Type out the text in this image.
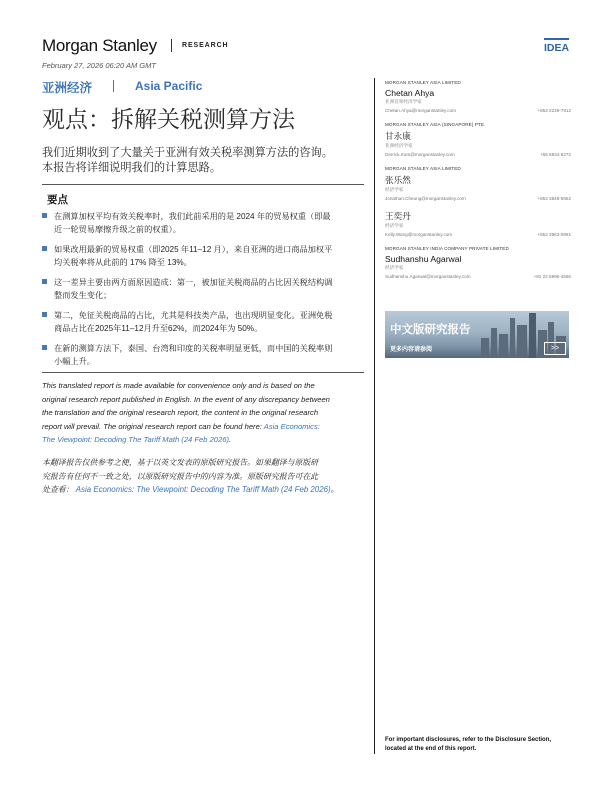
Morgan Stanley	RESEARCH	IDEA
February 27, 2026 06:20 AM GMT
亚洲经济	Asia Pacific
观点：拆解关税测算方法
我们近期收到了大量关于亚洲有效关税率测算方法的咨询。
本报告将详细说明我们的计算思路。
要点
在测算加权平均有效关税率时，我们此前采用的是 2024 年的贸易权重（即最
近一轮贸易摩擦升级之前的权重）。
如果改用最新的贸易权重（即2025 年11–12 月），来自亚洲的进口商品加权平
均关税率将从此前的 17% 降至 13%。
这一差异主要由两方面原因造成：第一，被加征关税商品的占比因关税结构调
整而发生变化；
第二，免征关税商品的占比，尤其是科技类产品，也出现明显变化。亚洲免税
商品占比在2025年11–12月升至62%，而2024年为 50%。
在新的测算方法下，泰国、台湾和印度的关税率明显更低，而中国的关税率则
小幅上升。
This translated report is made available for convenience only and is based on the
original research report published in English. In the event of any discrepancy between
the translation and the original research report, the content in the original research
report will prevail. The original research report can be found here: Asia Economics:
The Viewpoint: Decoding The Tariff Math (24 Feb 2026).
本翻译报告仅供参考之便，基于以英文发表的原版研究报告。如果翻译与原版研
究报告有任何不一致之处，以原版研究报告中的内容为准。原版研究报告可在此
处查看： Asia Economics: The Viewpoint: Decoding The Tariff Math (24 Feb 2026)。
MORGAN STANLEY ASIA LIMITED
Chetan Ahya
亚洲首席经济学家
Chetan.Ahya@morganstanley.com	+852 2239-7812
MORGAN STANLEY ASIA (SINGAPORE) PTE.
甘永康
亚洲经济学家
Derrick.Kam@morganstanley.com	+65 6834-8272
MORGAN STANLEY ASIA LIMITED
张乐然
经济学家
Jonathan.Cheung@morganstanley.com	+852 3848-5652
王奕丹
经济学家
Kelly.Wang@morganstanley.com	+852 3963-0891
MORGAN STANLEY INDIA COMPANY PRIVATE LIMITED
Sudhanshu Agarwal
经济学家
Sudhanshu.Agarwal@morganstanley.com	+91 22 6995-4566
中文版研究报告
更多内容请参阅	>>
For important disclosures, refer to the Disclosure Section, located at the end of this report.
